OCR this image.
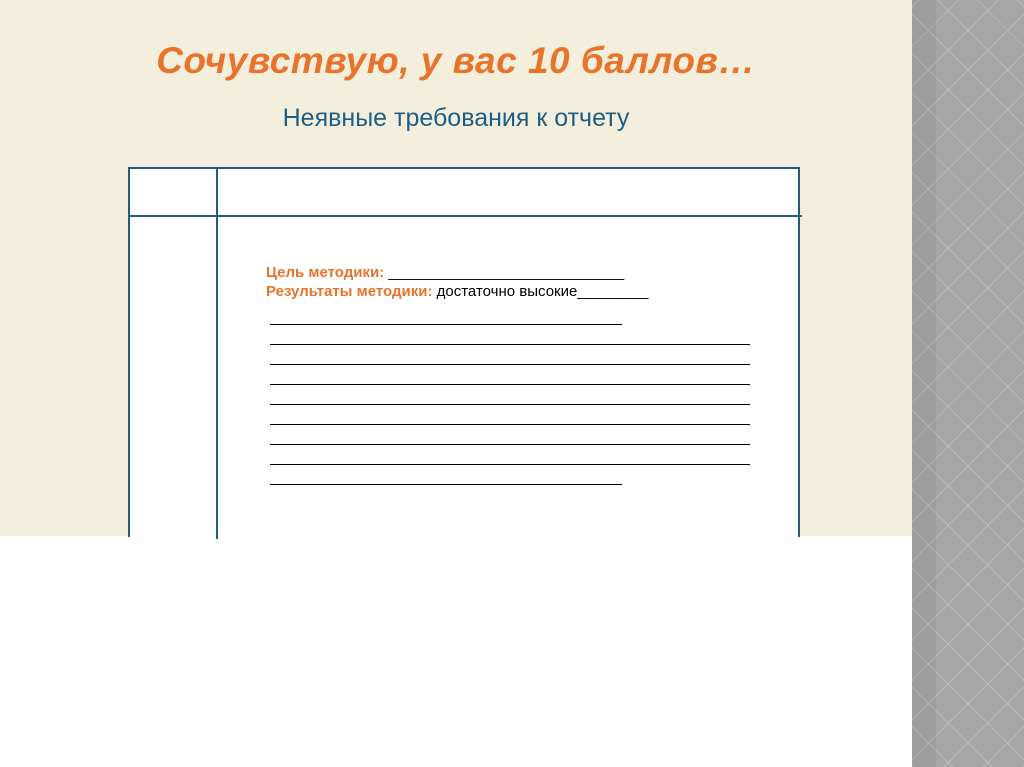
Сочувствую, у вас 10 баллов…
Неявные требования к отчету
Цель методики: ______________________________
Результаты методики: достаточно высокие_________
